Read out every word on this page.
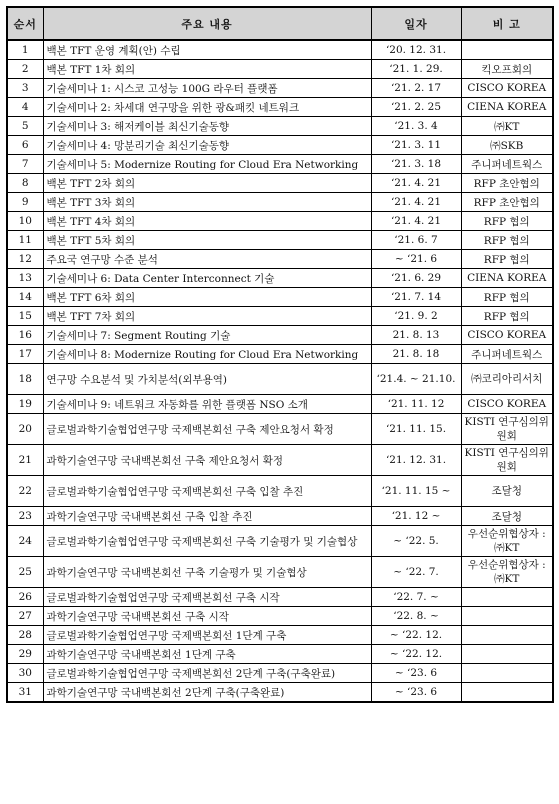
순서	주요 내용	일자	비 고
1	백본 TFT 운영 계획(안) 수립	‘20. 12. 31.	
2	백본 TFT 1차 회의	‘21. 1. 29.	킥오프회의
3	기술세미나 1: 시스코 고성능 100G 라우터 플랫폼	‘21. 2. 17	CISCO KOREA
4	기술세미나 2: 차세대 연구망을 위한 광&패킷 네트워크	‘21. 2. 25	CIENA KOREA
5	기술세미나 3: 해저케이블 최신기술동향	‘21. 3. 4	㈜KT
6	기술세미나 4: 망분리기술 최신기술동향	‘21. 3. 11	㈜SKB
7	기술세미나 5: Modernize Routing for Cloud Era Networking	‘21. 3. 18	주니퍼네트웍스
8	백본 TFT 2차 회의	‘21. 4. 21	RFP 초안협의
9	백본 TFT 3차 회의	‘21. 4. 21	RFP 초안협의
10	백본 TFT 4차 회의	‘21. 4. 21	RFP 협의
11	백본 TFT 5차 회의	‘21. 6. 7	RFP 협의
12	주요국 연구망 수준 분석	~ ‘21. 6	RFP 협의
13	기술세미나 6: Data Center Interconnect 기술	‘21. 6. 29	CIENA KOREA
14	백본 TFT 6차 회의	‘21. 7. 14	RFP 협의
15	백본 TFT 7차 회의	‘21. 9. 2	RFP 협의
16	기술세미나 7: Segment Routing 기술	21. 8. 13	CISCO KOREA
17	기술세미나 8: Modernize Routing for Cloud Era Networking	21. 8. 18	주니퍼네트웍스
18	연구망 수요분석 및 가치분석(외부용역)	‘21.4. ~ 21.10.	㈜코리아리서치
19	기술세미나 9: 네트워크 자동화를 위한 플랫폼 NSO 소개	‘21. 11. 12	CISCO KOREA
20	글로벌과학기술협업연구망 국제백본회선 구축 제안요청서 확정	‘21. 11. 15.	KISTI 연구심의위원회
21	과학기술연구망 국내백본회선 구축 제안요청서 확정	‘21. 12. 31.	KISTI 연구심의위원회
22	글로벌과학기술협업연구망 국제백본회선 구축 입찰 추진	‘21. 11. 15 ~	조달청
23	과학기술연구망 국내백본회선 구축 입찰 추진	‘21. 12 ~	조달청
24	글로벌과학기술협업연구망 국제백본회선 구축 기술평가 및 기술협상	~ ‘22. 5.	우선순위협상자 : ㈜KT
25	과학기술연구망 국내백본회선 구축 기술평가 및 기술협상	~ ‘22. 7.	우선순위협상자 : ㈜KT
26	글로벌과학기술협업연구망 국제백본회선 구축 시작	‘22. 7. ~	
27	과학기술연구망 국내백본회선 구축 시작	‘22. 8. ~	
28	글로벌과학기술협업연구망 국제백본회선 1단계 구축	~ ‘22. 12.	
29	과학기술연구망 국내백본회선 1단계 구축	~ ‘22. 12.	
30	글로벌과학기술협업연구망 국제백본회선 2단계 구축(구축완료)	~ ‘23. 6	
31	과학기술연구망 국내백본회선 2단계 구축(구축완료)	~ ‘23. 6	
